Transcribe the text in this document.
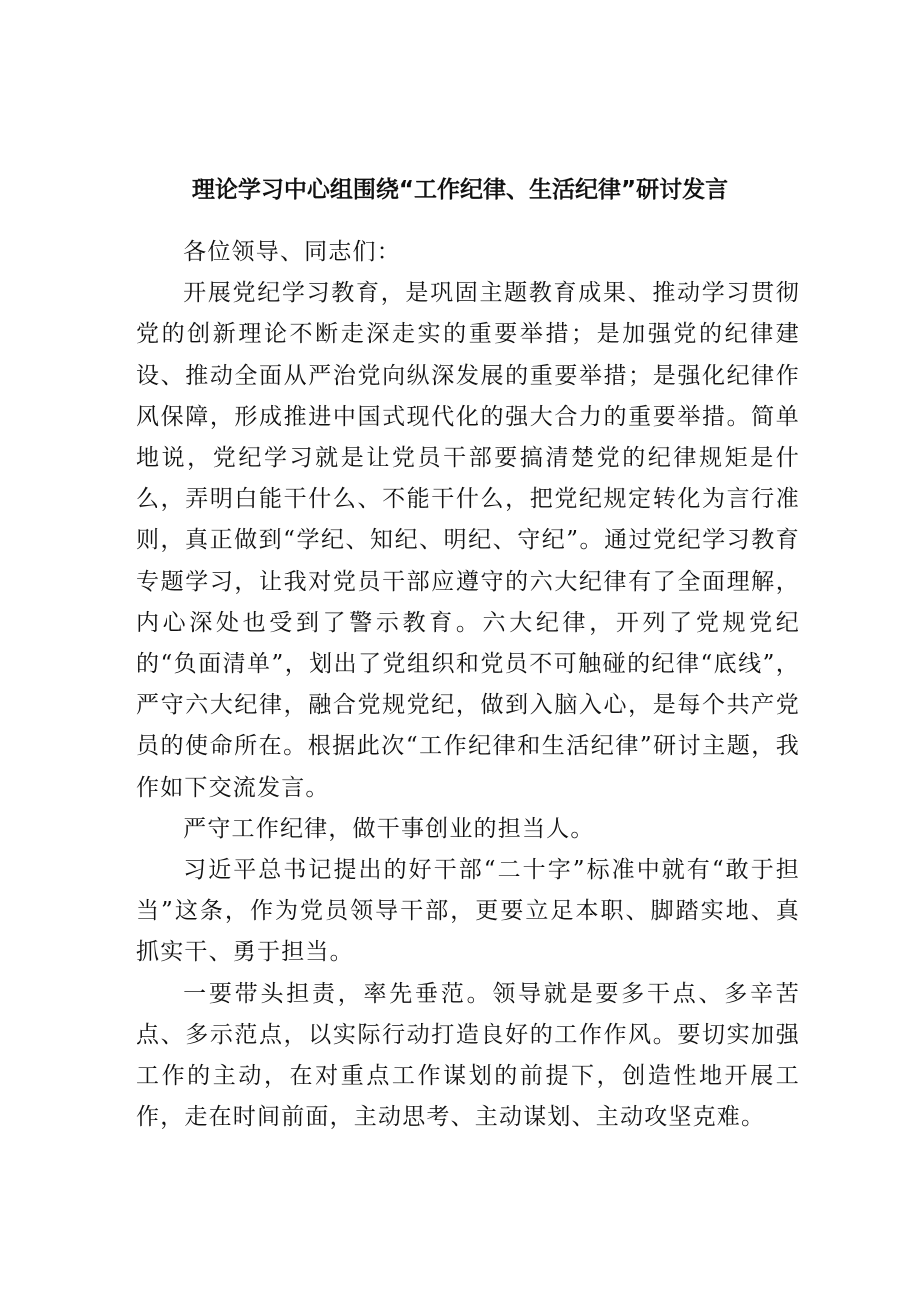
理论学习中心组围绕“工作纪律、生活纪律”研讨发言

各位领导、同志们：

开展党纪学习教育，是巩固主题教育成果、推动学习贯彻党的创新理论不断走深走实的重要举措；是加强党的纪律建设、推动全面从严治党向纵深发展的重要举措；是强化纪律作风保障，形成推进中国式现代化的强大合力的重要举措。简单地说，党纪学习就是让党员干部要搞清楚党的纪律规矩是什么，弄明白能干什么、不能干什么，把党纪规定转化为言行准则，真正做到“学纪、知纪、明纪、守纪”。通过党纪学习教育专题学习，让我对党员干部应遵守的六大纪律有了全面理解，内心深处也受到了警示教育。六大纪律，开列了党规党纪的“负面清单”，划出了党组织和党员不可触碰的纪律“底线”，严守六大纪律，融合党规党纪，做到入脑入心，是每个共产党员的使命所在。根据此次“工作纪律和生活纪律”研讨主题，我作如下交流发言。

严守工作纪律，做干事创业的担当人。

习近平总书记提出的好干部“二十字”标准中就有“敢于担当”这条，作为党员领导干部，更要立足本职、脚踏实地、真抓实干、勇于担当。

一要带头担责，率先垂范。领导就是要多干点、多辛苦点、多示范点，以实际行动打造良好的工作作风。要切实加强工作的主动，在对重点工作谋划的前提下，创造性地开展工作，走在时间前面，主动思考、主动谋划、主动攻坚克难。
